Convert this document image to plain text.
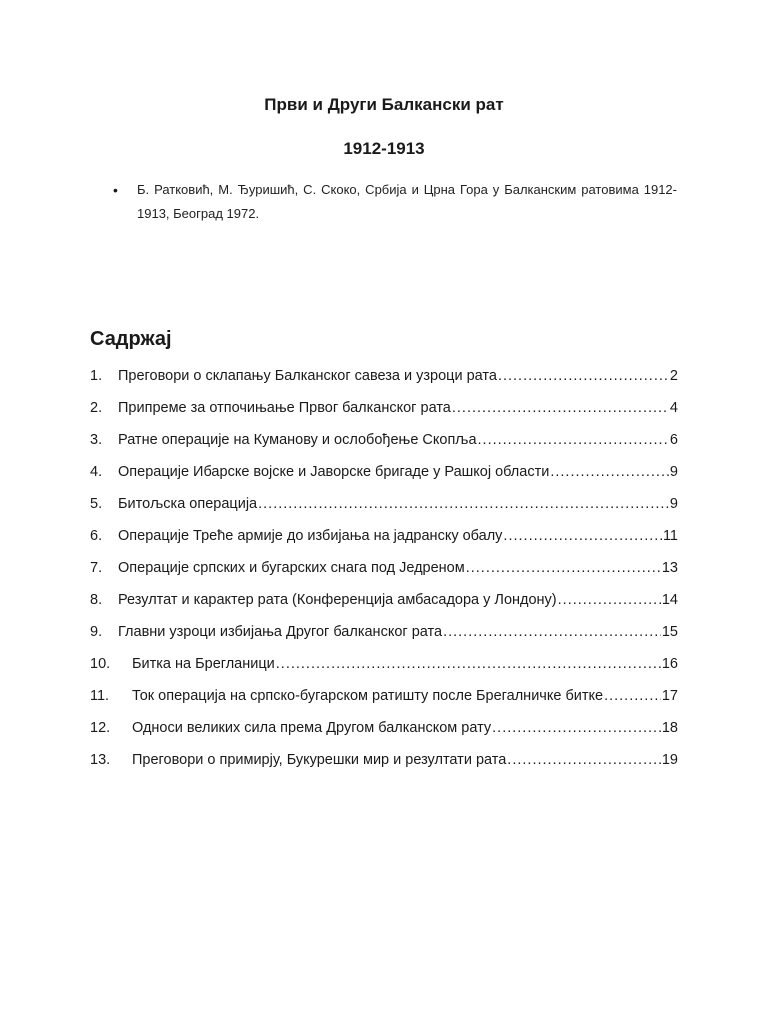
Први и Други Балкански рат
1912-1913
• Б. Ратковић, М. Ђуришић, С. Скоко, Србија и Црна Гора у Балканским ратовима 1912-1913, Београд 1972.
Садржај
1.	Преговори о склапању Балканског савеза и узроци рата .....	2
2.	Припреме за отпочињање Првог балканског рата .....	4
3.	Ратне операције на Куманову и ослобођење Скопља .....	6
4.	Операције Ибарске војске и Јаворске бригаде у Рашкој области .....	9
5.	Битољска операција .....	9
6.	Операције Треће армије до избијања на јадранску обалу .....	11
7.	Операције српских и бугарских снага под Једреном .....	13
8.	Резултат и карактер рата (Конференција амбасадора у Лондону) .....	14
9.	Главни узроци избијања Другог балканског рата .....	15
10.	Битка на Брегланици .....	16
11.	Ток операција на српско-бугарском ратишту после Брегалничке битке .....	17
12.	Односи великих сила према Другом балканском рату .....	18
13.	Преговори о примирју, Букурешки мир и резултати рата .....	19
